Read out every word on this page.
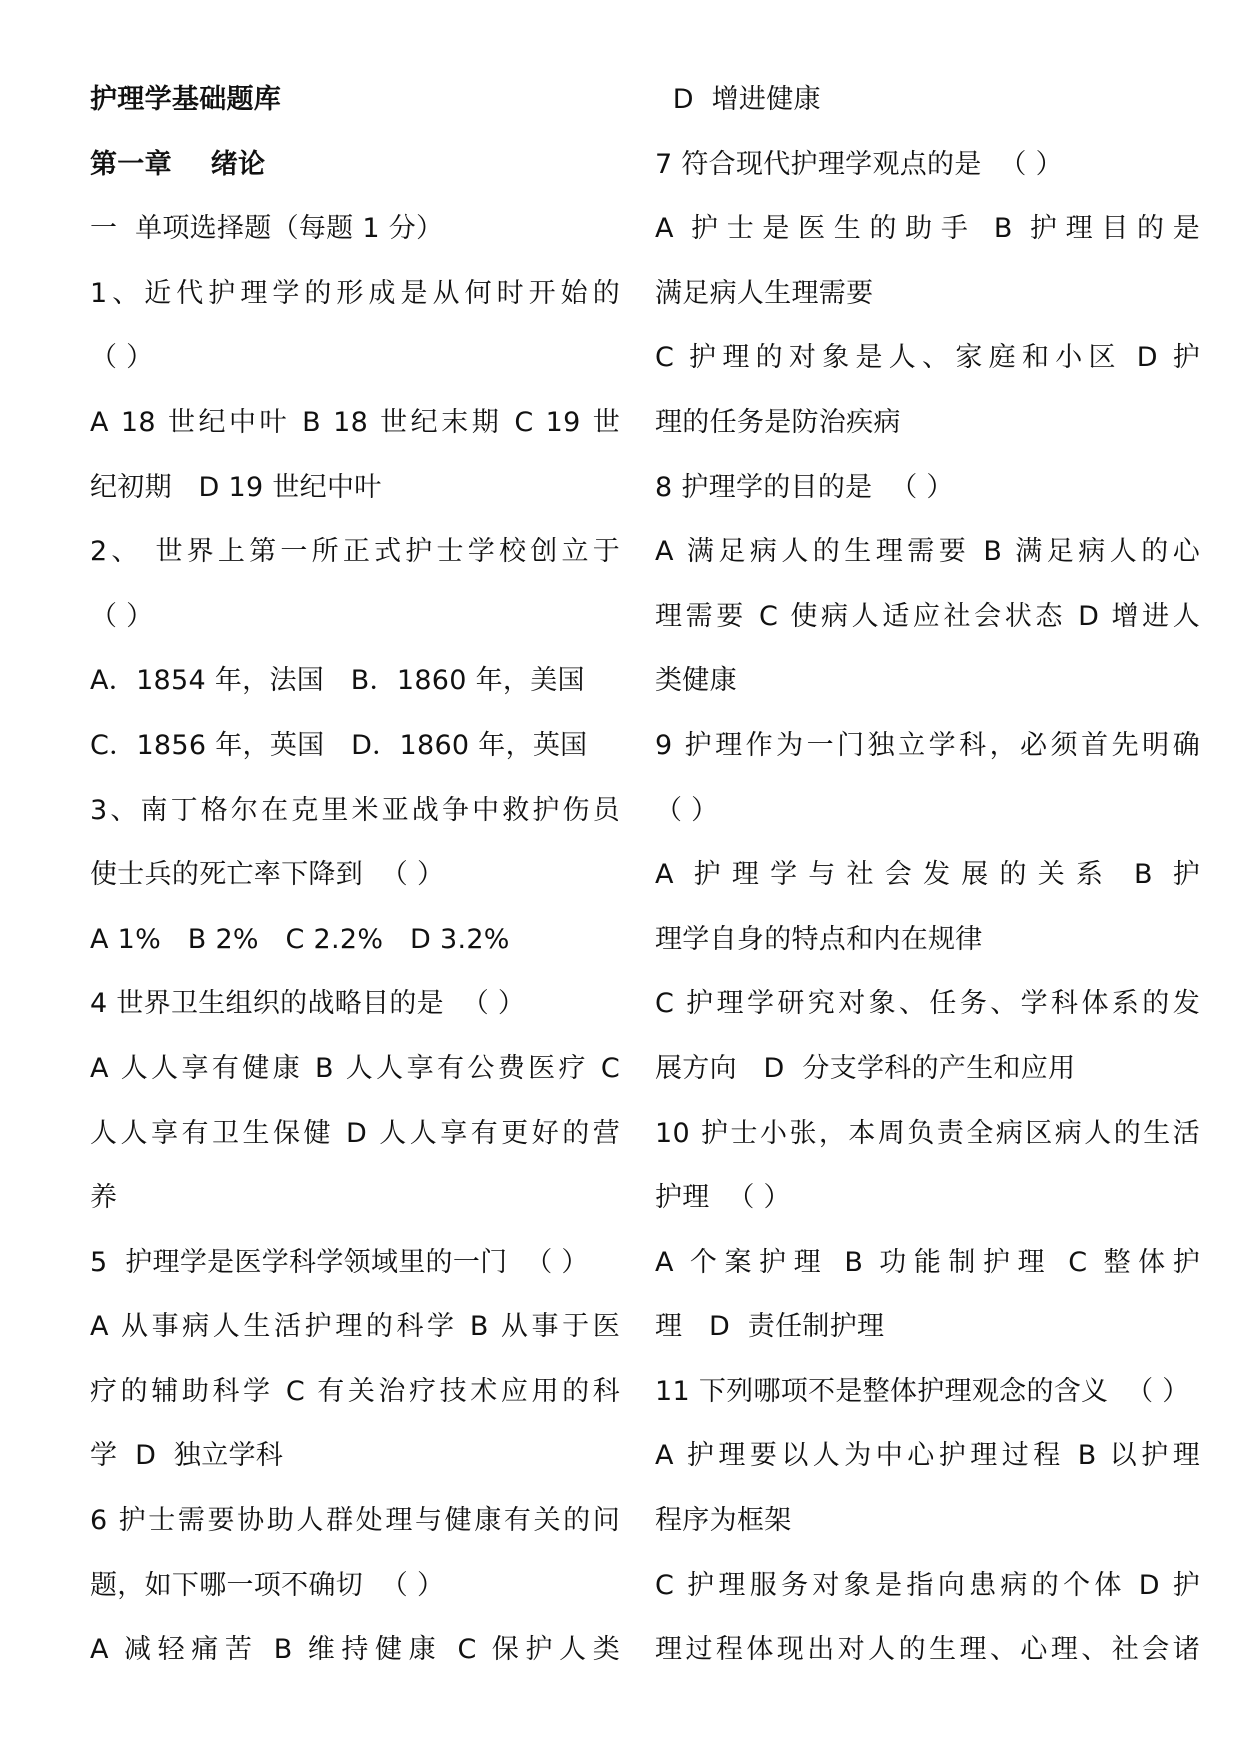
护理学基础题库
第一章    绪论
一  单项选择题（每题 1 分）
1、近代护理学的形成是从何时开始的
（ ）
A 18 世纪中叶 B 18 世纪末期 C 19 世
纪初期   D 19 世纪中叶
2、 世界上第一所正式护士学校创立于
（ ）
A．1854 年，法国   B．1860 年，美国
C．1856 年，英国   D．1860 年，英国
3、南丁格尔在克里米亚战争中救护伤员
使士兵的死亡率下降到  （ ）
A 1%   B 2%   C 2.2%   D 3.2%
4 世界卫生组织的战略目的是  （ ）
A 人人享有健康 B 人人享有公费医疗 C
人人享有卫生保健 D 人人享有更好的营
养
5  护理学是医学科学领域里的一门  （ ）
A 从事病人生活护理的科学 B 从事于医
疗的辅助科学 C 有关治疗技术应用的科
学  D  独立学科
6 护士需要协助人群处理与健康有关的问
题，如下哪一项不确切  （ ）
A 减轻痛苦 B 维持健康 C 保护人类
D  增进健康
7 符合现代护理学观点的是  （ ）
A 护士是医生的助手 B 护理目的是
满足病人生理需要
C 护理的对象是人、家庭和小区 D 护
理的任务是防治疾病
8 护理学的目的是  （ ）
A 满足病人的生理需要 B 满足病人的心
理需要 C 使病人适应社会状态 D 增进人
类健康
9 护理作为一门独立学科，必须首先明确
（ ）
A 护理学与社会发展的关系 B 护
理学自身的特点和内在规律
C 护理学研究对象、任务、学科体系的发
展方向   D  分支学科的产生和应用
10 护士小张，本周负责全病区病人的生活
护理  （ ）
A 个案护理 B 功能制护理 C 整体护
理   D  责任制护理
11 下列哪项不是整体护理观念的含义  （ ）
A 护理要以人为中心护理过程 B 以护理
程序为框架
C 护理服务对象是指向患病的个体 D 护
理过程体现出对人的生理、心理、社会诸
